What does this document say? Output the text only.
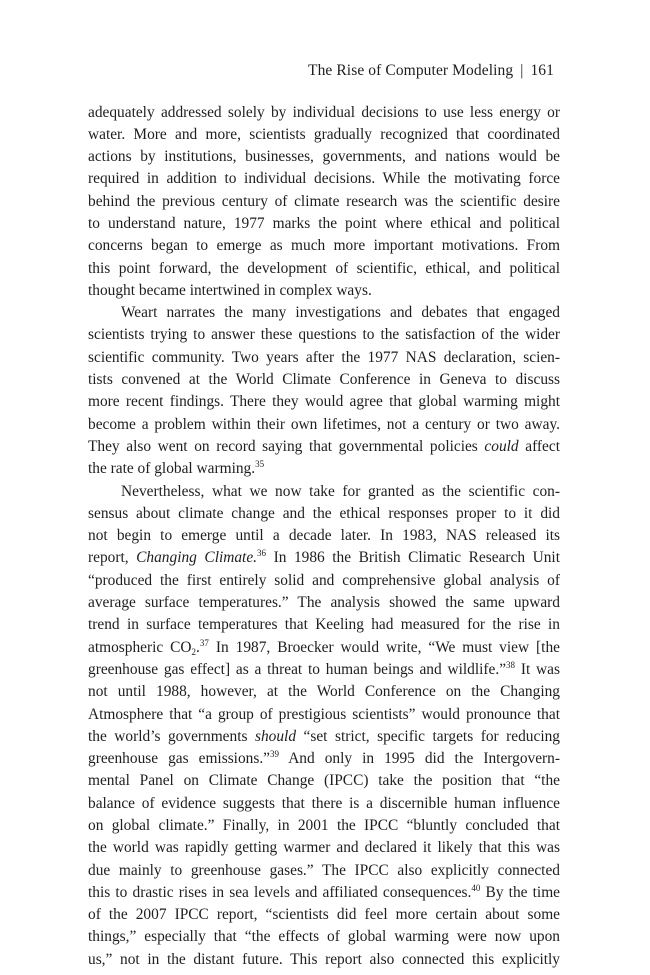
The Rise of Computer Modeling | 161
adequately addressed solely by individual decisions to use less energy or
water. More and more, scientists gradually recognized that coordinated
actions by institutions, businesses, governments, and nations would be
required in addition to individual decisions. While the motivating force
behind the previous century of climate research was the scientific desire
to understand nature, 1977 marks the point where ethical and political
concerns began to emerge as much more important motivations. From
this point forward, the development of scientific, ethical, and political
thought became intertwined in complex ways.
Weart narrates the many investigations and debates that engaged
scientists trying to answer these questions to the satisfaction of the wider
scientific community. Two years after the 1977 NAS declaration, scien-
tists convened at the World Climate Conference in Geneva to discuss
more recent findings. There they would agree that global warming might
become a problem within their own lifetimes, not a century or two away.
They also went on record saying that governmental policies could affect
the rate of global warming.$^{35}$
Nevertheless, what we now take for granted as the scientific con-
sensus about climate change and the ethical responses proper to it did
not begin to emerge until a decade later. In 1983, NAS released its
report, Changing Climate.$^{36}$ In 1986 the British Climatic Research Unit
“produced the first entirely solid and comprehensive global analysis of
average surface temperatures.” The analysis showed the same upward
trend in surface temperatures that Keeling had measured for the rise in
atmospheric $CO_2.^{37}$ In 1987, Broecker would write, “We must view [the
greenhouse gas effect] as a threat to human beings and wildlife.”$^{38}$ It was
not until 1988, however, at the World Conference on the Changing
Atmosphere that “a group of prestigious scientists” would pronounce that
the world’s governments should “set strict, specific targets for reducing
greenhouse gas emissions.”$^{39}$ And only in 1995 did the Intergovern-
mental Panel on Climate Change (IPCC) take the position that “the
balance of evidence suggests that there is a discernible human influence
on global climate.” Finally, in 2001 the IPCC “bluntly concluded that
the world was rapidly getting warmer and declared it likely that this was
due mainly to greenhouse gases.” The IPCC also explicitly connected
this to drastic rises in sea levels and affiliated consequences.$^{40}$ By the time
of the 2007 IPCC report, “scientists did feel more certain about some
things,” especially that “the effects of global warming were now upon
us,” not in the distant future. This report also connected this explicitly
